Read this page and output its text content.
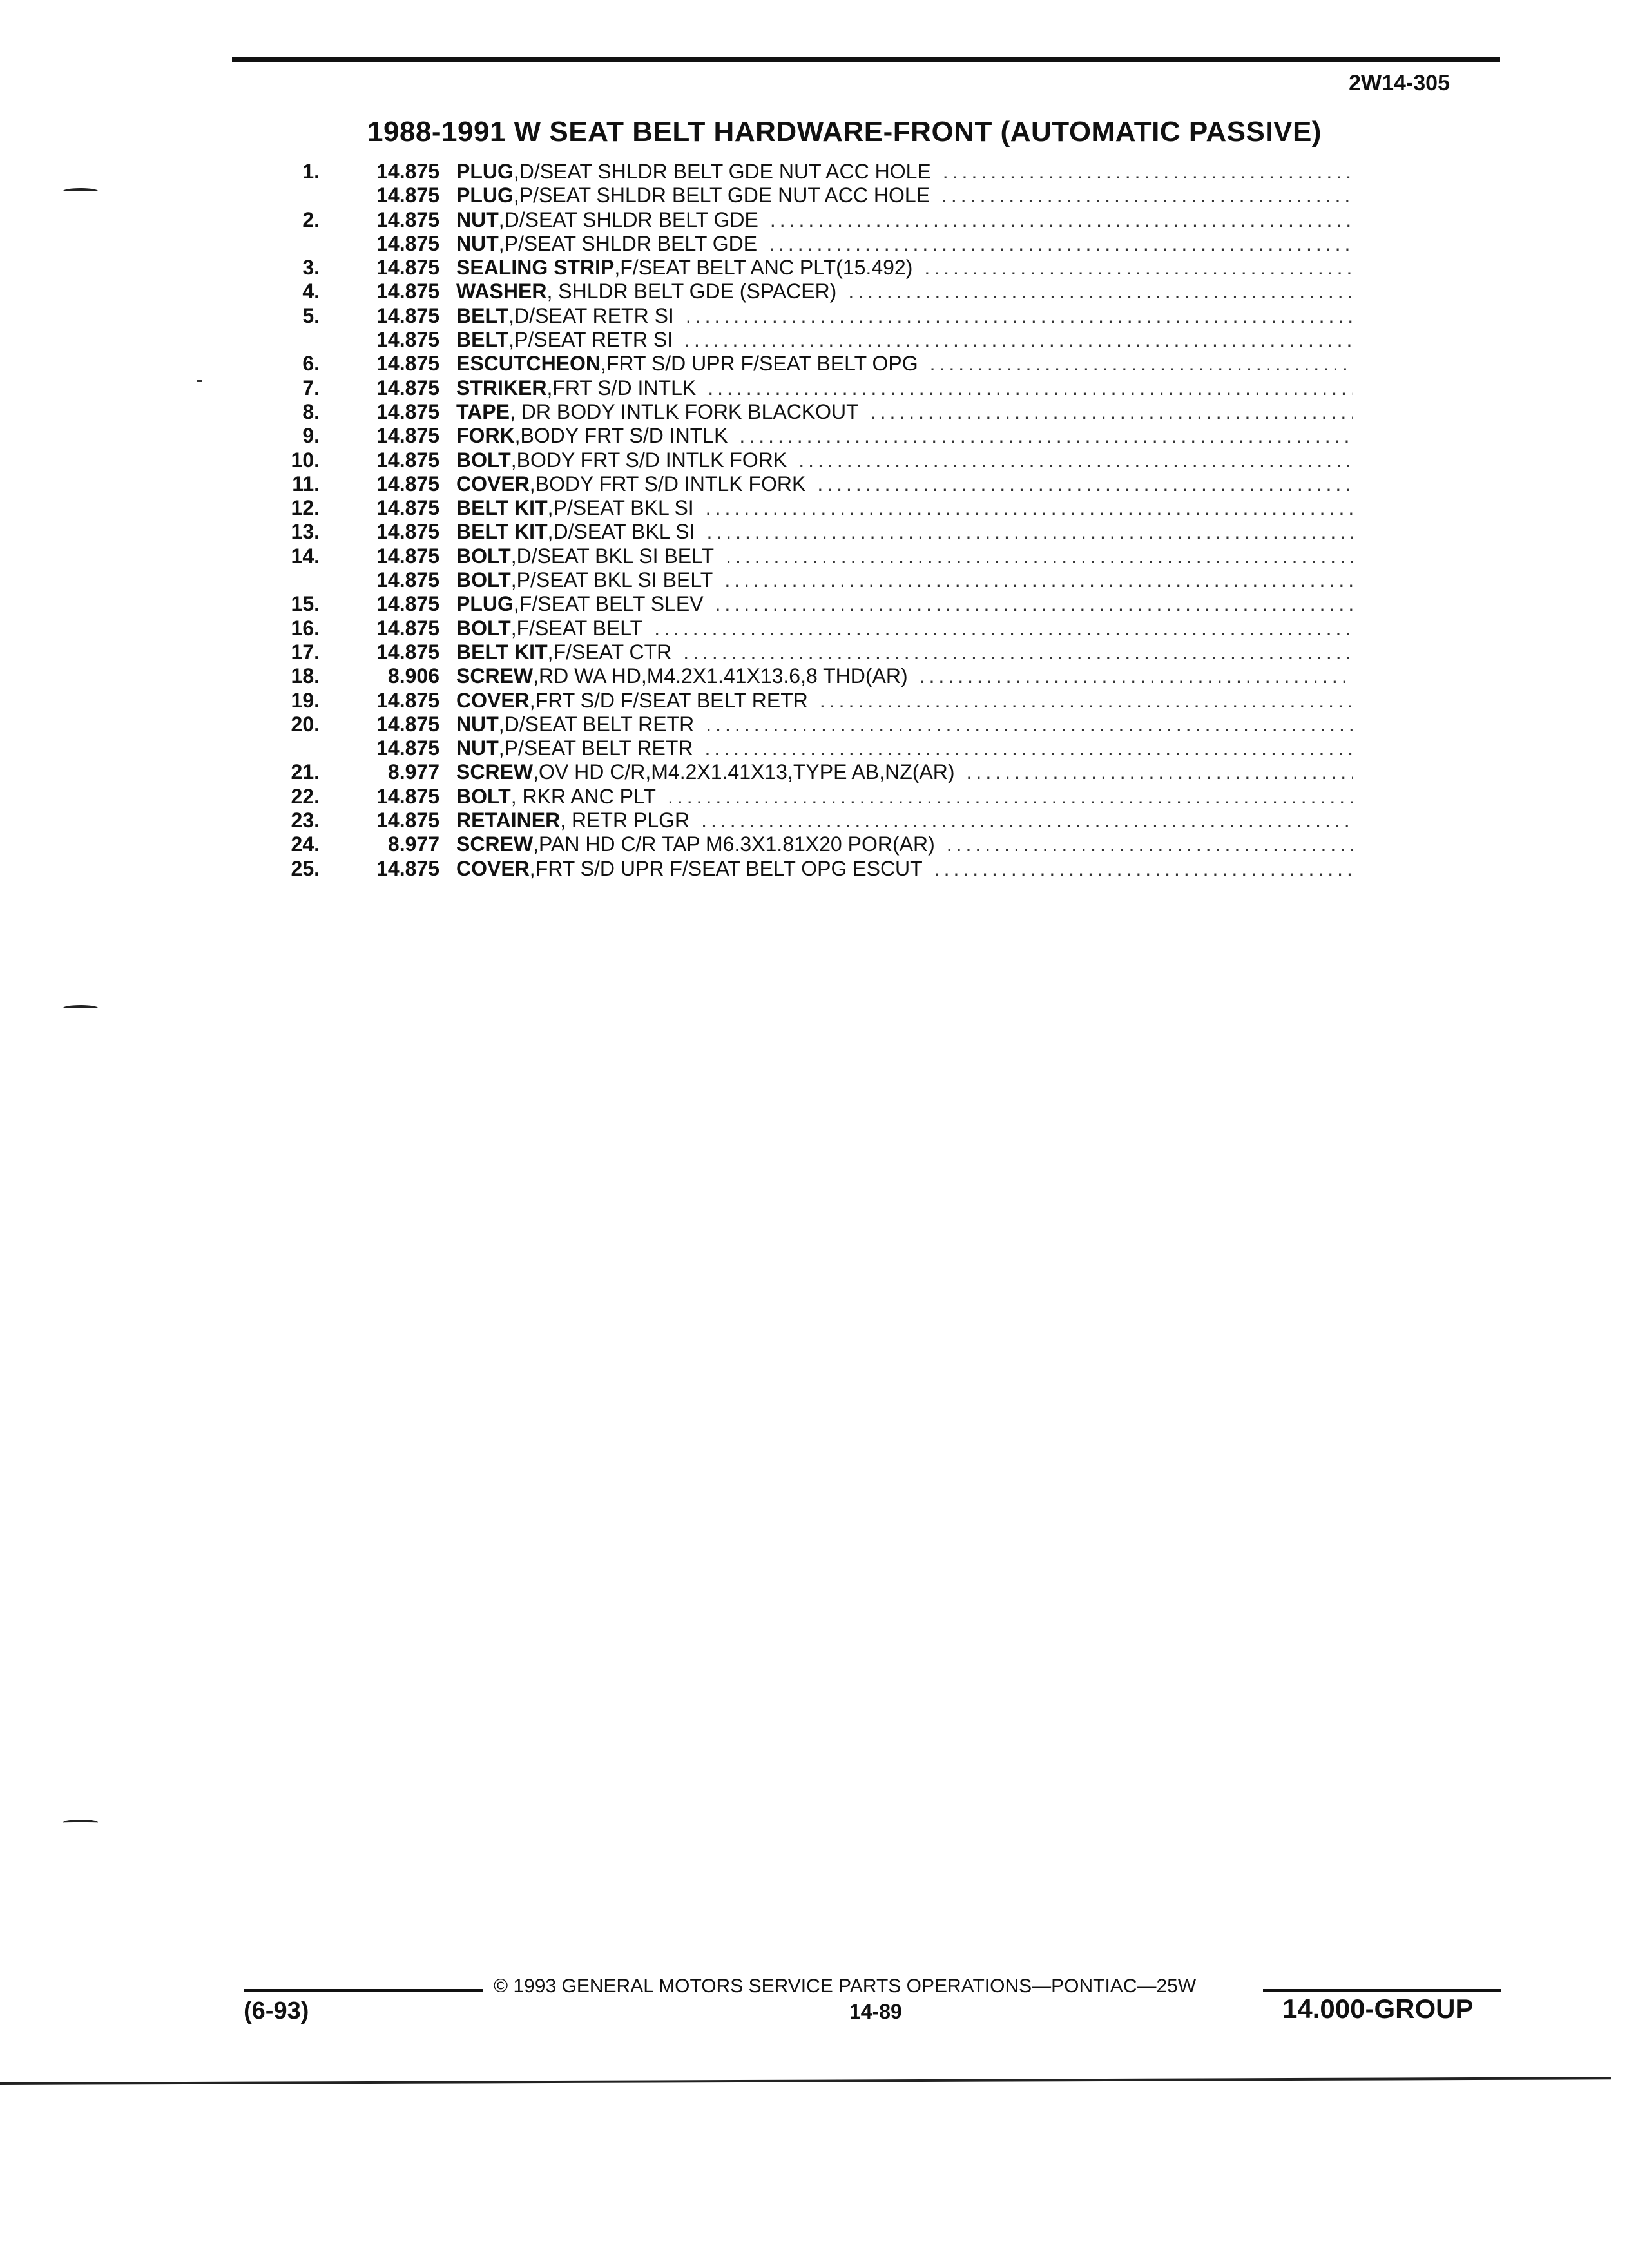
2W14-305
1988-1991 W SEAT BELT HARDWARE-FRONT (AUTOMATIC PASSIVE)
1.	14.875 PLUG ,D/SEAT SHLDR BELT GDE NUT ACC HOLE
.....
14.875 PLUG ,P/SEAT SHLDR BELT GDE NUT ACC HOLE
.....
2.	14.875 NUT ,D/SEAT SHLDR BELT GDE
.....
14.875 NUT ,P/SEAT SHLDR BELT GDE
.....
3.	14.875 SEALING STRIP ,F/SEAT BELT ANC PLT(15.492)
.....
4.	14.875 WASHER , SHLDR BELT GDE (SPACER)
.....
5.	14.875 BELT ,D/SEAT RETR SI
.....
14.875 BELT ,P/SEAT RETR SI
.....
6.	14.875 ESCUTCHEON ,FRT S/D UPR F/SEAT BELT OPG
.....
7.	14.875 STRIKER ,FRT S/D INTLK
.....
8.	14.875 TAPE , DR BODY INTLK FORK BLACKOUT
.....
9.	14.875 FORK ,BODY FRT S/D INTLK
.....
10.	14.875 BOLT ,BODY FRT S/D INTLK FORK
.....
11.	14.875 COVER ,BODY FRT S/D INTLK FORK
.....
12.	14.875 BELT KIT ,P/SEAT BKL SI
.....
13.	14.875 BELT KIT ,D/SEAT BKL SI
.....
14.	14.875 BOLT ,D/SEAT BKL SI BELT
.....
14.875 BOLT ,P/SEAT BKL SI BELT
.....
15.	14.875 PLUG ,F/SEAT BELT SLEV
.....
16.	14.875 BOLT ,F/SEAT BELT
.....
17.	14.875 BELT KIT ,F/SEAT CTR
.....
18.	8.906 SCREW ,RD WA HD,M4.2X1.41X13.6,8 THD(AR)
.....
19.	14.875 COVER ,FRT S/D F/SEAT BELT RETR
.....
20.	14.875 NUT ,D/SEAT BELT RETR
.....
14.875 NUT ,P/SEAT BELT RETR
.....
21.	8.977 SCREW ,OV HD C/R,M4.2X1.41X13,TYPE AB,NZ(AR)
.....
22.	14.875 BOLT , RKR ANC PLT
.....
23.	14.875 RETAINER , RETR PLGR
.....
24.	8.977 SCREW ,PAN HD C/R TAP M6.3X1.81X20 POR(AR)
.....
25.	14.875 COVER ,FRT S/D UPR F/SEAT BELT OPG ESCUT
.....
© 1993 GENERAL MOTORS SERVICE PARTS OPERATIONS—PONTIAC—25W
(6-93)	14-89	14.000-GROUP
